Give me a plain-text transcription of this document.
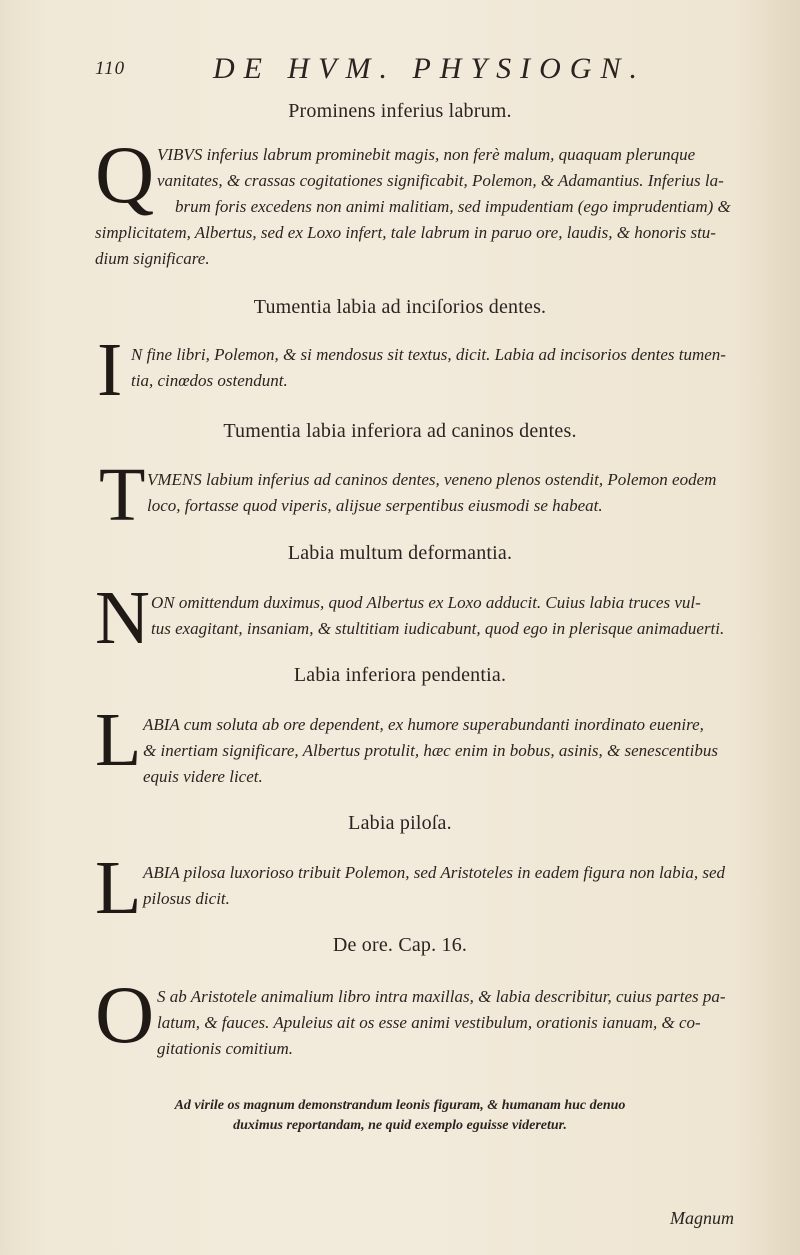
110	DE HVM. PHYSIOGN.
Prominens inferius labrum.
Q VIBVS inferius labrum prominebit magis, non ferè malum, quaquam plerunque
vanitates, & crassas cogitationes significabit, Polemon, & Adamantius. Inferius la-
brum foris excedens non animi malitiam, sed impudentiam (ego imprudentiam) &
simplicitatem, Albertus, sed ex Loxo infert, tale labrum in paruo ore, laudis, & honoris stu-
dium significare.
Tumentia labia ad inciſorios dentes.
I N fine libri, Polemon, & si mendosus sit textus, dicit. Labia ad incisorios dentes tumen-
tia, cinœdos ostendunt.
Tumentia labia inferiora ad caninos dentes.
T VMENS labium inferius ad caninos dentes, veneno plenos ostendit, Polemon eodem
loco, fortasse quod viperis, alijsue serpentibus eiusmodi se habeat.
Labia multum deformantia.
N ON omittendum duximus, quod Albertus ex Loxo adducit. Cuius labia truces vul-
tus exagitant, insaniam, & stultitiam iudicabunt, quod ego in plerisque animaduerti.
Labia inferiora pendentia.
L ABIA cum soluta ab ore dependent, ex humore superabundanti inordinato euenire,
& inertiam significare, Albertus protulit, hæc enim in bobus, asinis, & senescentibus
equis videre licet.
Labia piloſa.
L ABIA pilosa luxorioso tribuit Polemon, sed Aristoteles in eadem figura non labia, sed
pilosus dicit.
De ore. Cap. 16.
O S ab Aristotele animalium libro intra maxillas, & labia describitur, cuius partes pa-
latum, & fauces. Apuleius ait os esse animi vestibulum, orationis ianuam, & co-
gitationis comitium.
Ad virile os magnum demonstrandum leonis figuram, & humanam huc denuo
duximus reportandam, ne quid exemplo eguisse videretur.
Magnum
